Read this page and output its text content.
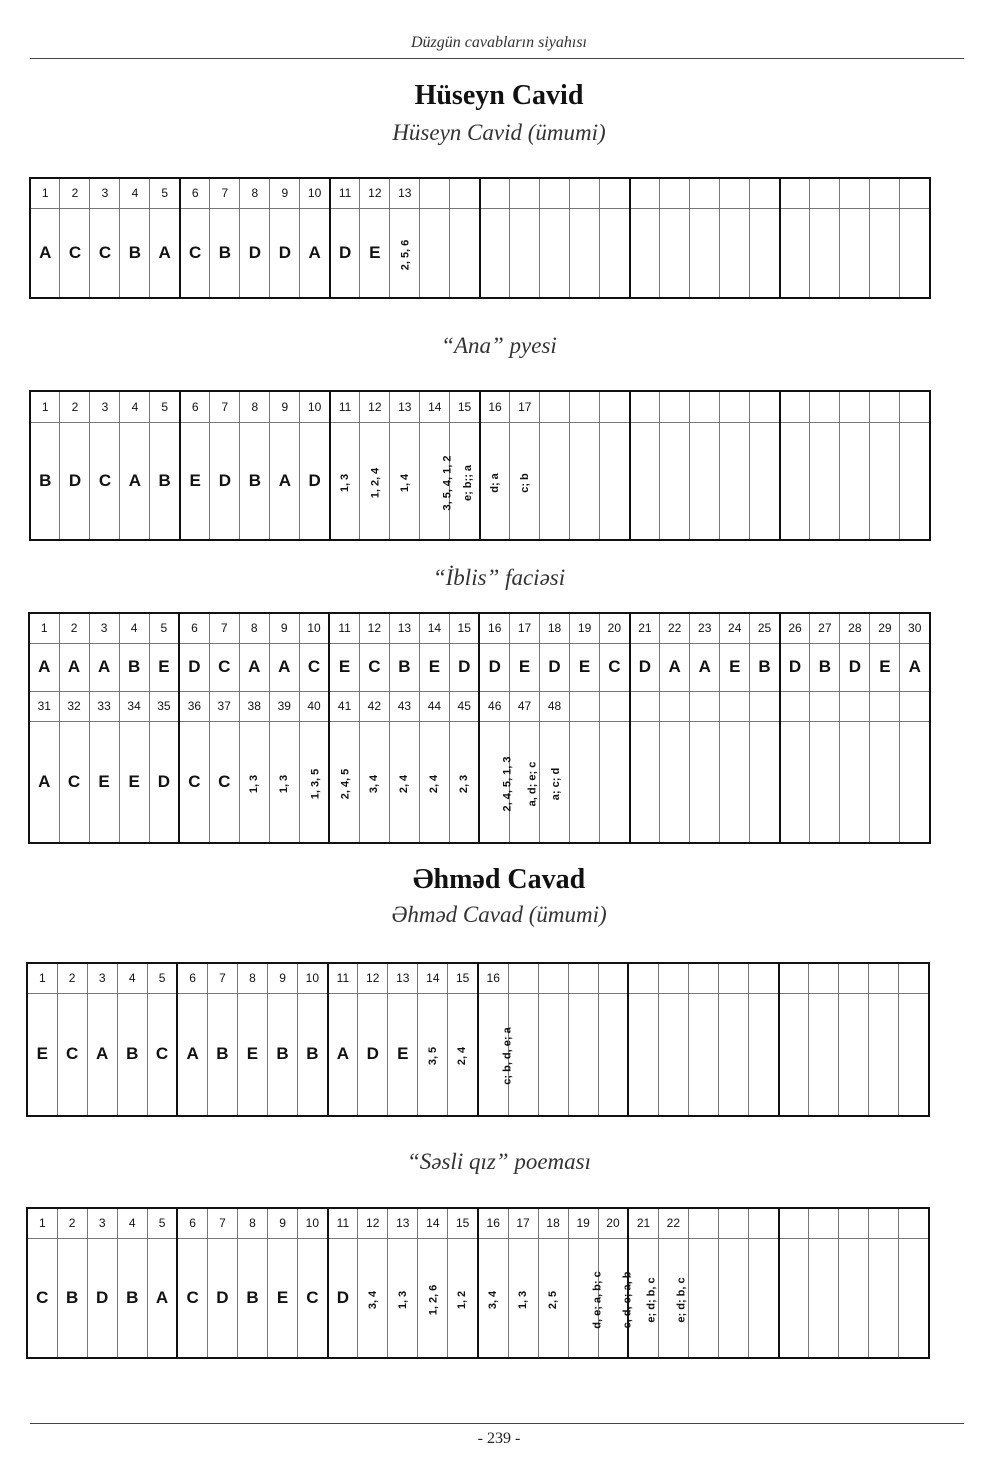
Düzgün cavabların siyahısı
Hüseyn Cavid
Hüseyn Cavid (ümumi)
1	2	3	4	5	6	7	8	9	10	11	12	13																	
A	C	C	B	A	C	B	D	D	A	D	E	2, 5, 6																	
“Ana” pyesi
1	2	3	4	5	6	7	8	9	10	11	12	13	14	15	16	17													
B	D	C	A	B	E	D	B	A	D	1, 3	1, 2, 4	1, 4	3, 5, 4, 1, 2	e; b;; a	d; a	c; b													
“İblis” faciəsi
1	2	3	4	5	6	7	8	9	10	11	12	13	14	15	16	17	18	19	20	21	22	23	24	25	26	27	28	29	30
A	A	A	B	E	D	C	A	A	C	E	C	B	E	D	D	E	D	E	C	D	A	A	E	B	D	B	D	E	A
31	32	33	34	35	36	37	38	39	40	41	42	43	44	45	46	47	48												
A	C	E	E	D	C	C	1, 3	1, 3	1, 3, 5	2, 4, 5	3, 4	2, 4	2, 4	2, 3	2, 4, 5, 1, 3	a, d; e; c	a; c; d												
Əhməd Cavad
Əhməd Cavad (ümumi)
1	2	3	4	5	6	7	8	9	10	11	12	13	14	15	16														
E	C	A	B	C	A	B	E	B	B	A	D	E	3, 5	2, 4	c; b, d, e; a														
“Səsli qız” poeması
1	2	3	4	5	6	7	8	9	10	11	12	13	14	15	16	17	18	19	20	21	22								
C	B	D	B	A	C	D	B	E	C	D	3, 4	1, 3	1, 2, 6	1, 2	3, 4	1, 3	2, 5	d, e; a, b; c	c, d, e; a, b	e; d; b, c	e; d; b, c								
- 239 -
